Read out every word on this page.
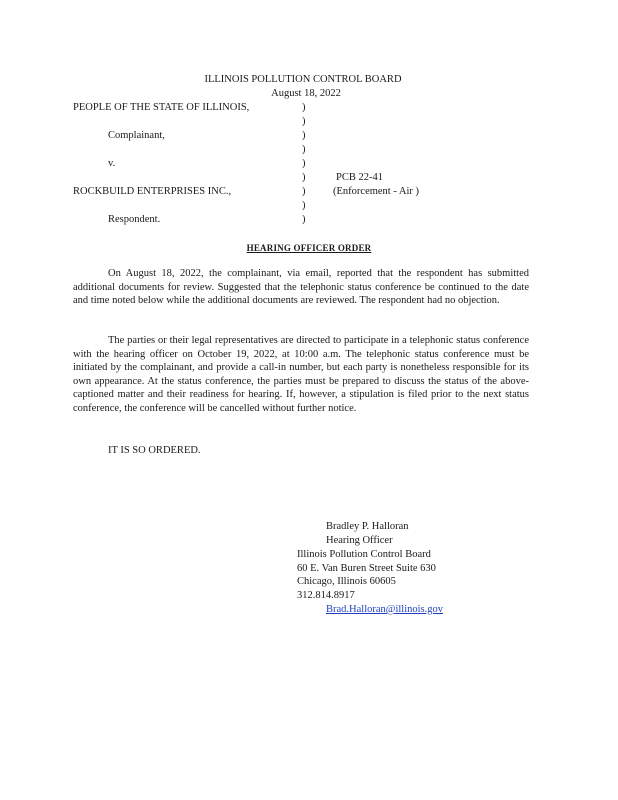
ILLINOIS POLLUTION CONTROL BOARD
August 18, 2022
PEOPLE OF THE STATE OF ILLINOIS,
Complainant,
v.
PCB 22-41
ROCKBUILD ENTERPRISES INC.,	(Enforcement - Air )
Respondent.
)
)
)
)
)
)
)
)
)
HEARING OFFICER ORDER
On August 18, 2022, the complainant, via email, reported that the respondent has submitted additional documents for review. Suggested that the telephonic status conference be continued to the date and time noted below while the additional documents are reviewed. The respondent had no objection.
The parties or their legal representatives are directed to participate in a telephonic status conference with the hearing officer on October 19, 2022, at 10:00 a.m. The telephonic status conference must be initiated by the complainant, and provide a call-in number, but each party is nonetheless responsible for its own appearance. At the status conference, the parties must be prepared to discuss the status of the above-captioned matter and their readiness for hearing. If, however, a stipulation is filed prior to the next status conference, the conference will be cancelled without further notice.
IT IS SO ORDERED.
Bradley P. Halloran
Hearing Officer
Illinois Pollution Control Board
60 E. Van Buren Street Suite 630
Chicago, Illinois 60605
312.814.8917
Brad.Halloran@illinois.gov
